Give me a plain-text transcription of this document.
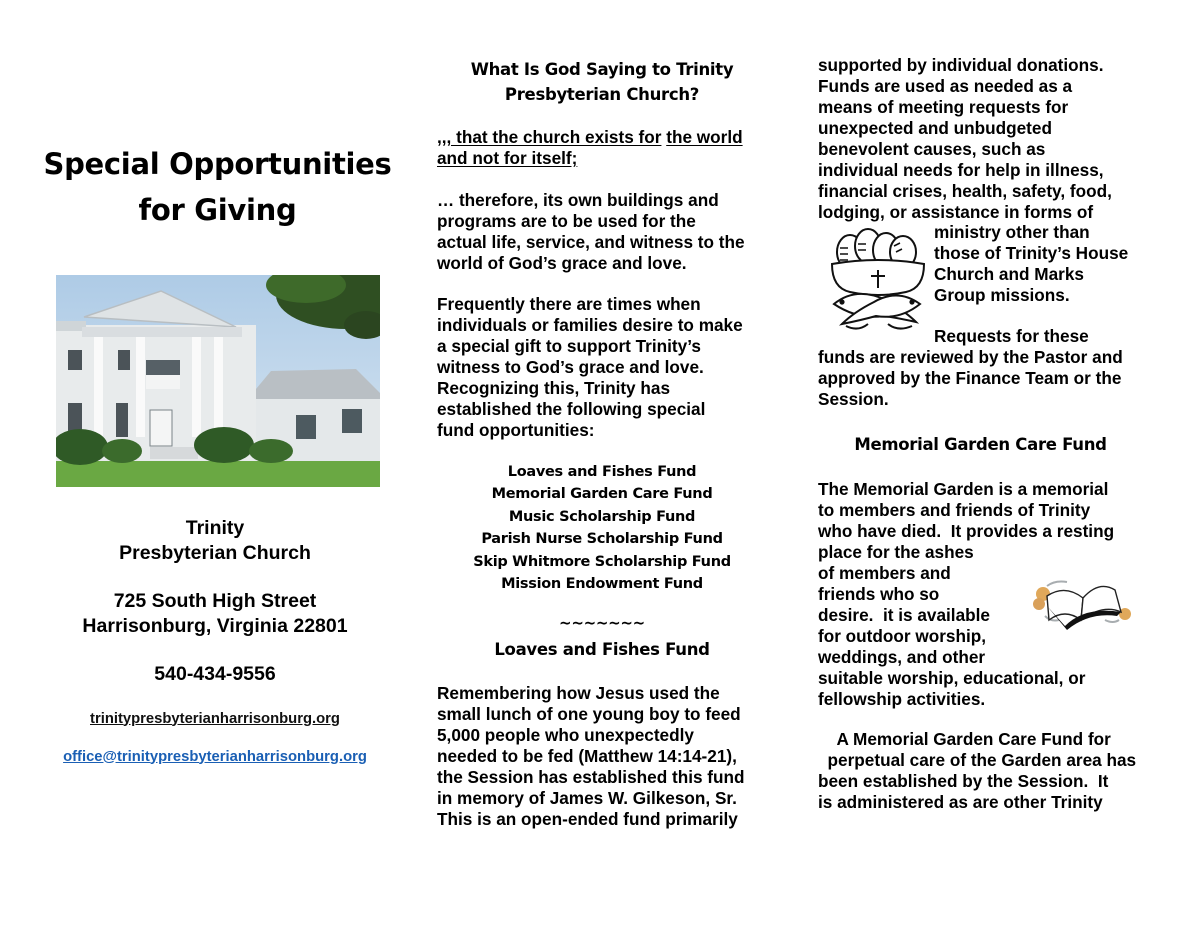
Special Opportunities
for Giving

Trinity

Presbyterian Church

725 South High Street

Harrisonburg, Virginia 22801

540-434-9556

trinitypresbyterianharrisonburg.org
office@trinitypresbyterianharrisonburg.org
What Is God Saying to Trinity
Presbyterian Church?

,,, that the church exists for the world
and not for itself;

… therefore, its own buildings and
programs are to be used for the
actual life, service, and witness to the
world of God’s grace and love.

Frequently there are times when
individuals or families desire to make
a special gift to support Trinity’s
witness to God’s grace and love.
Recognizing this, Trinity has
established the following special
fund opportunities:

Loaves and Fishes Fund
Memorial Garden Care Fund
Music Scholarship Fund
Parish Nurse Scholarship Fund
Skip Whitmore Scholarship Fund
Mission Endowment Fund
~~~~~~~
Loaves and Fishes Fund

Remembering how Jesus used the
small lunch of one young boy to feed
5,000 people who unexpectedly
needed to be fed (Matthew 14:14-21),
the Session has established this fund
in memory of James W. Gilkeson, Sr.
This is an open-ended fund primarily

supported by individual donations.
Funds are used as needed as a
means of meeting requests for
unexpected and unbudgeted
benevolent causes, such as
individual needs for help in illness,
financial crises, health, safety, food,
lodging, or assistance in forms of

ministry other than
those of Trinity’s House
Church and Marks
Group missions.

Requests for these
funds are reviewed by the Pastor and
approved by the Finance Team or the
Session.

Memorial Garden Care Fund

The Memorial Garden is a memorial
to members and friends of Trinity
who have died.  It provides a resting
place for the ashes
of members and
friends who so
desire.  it is available
for outdoor worship,
weddings, and other
suitable worship, educational, or
fellowship activities.

A Memorial Garden Care Fund for
perpetual care of the Garden area has
been established by the Session.  It
is administered as are other Trinity
